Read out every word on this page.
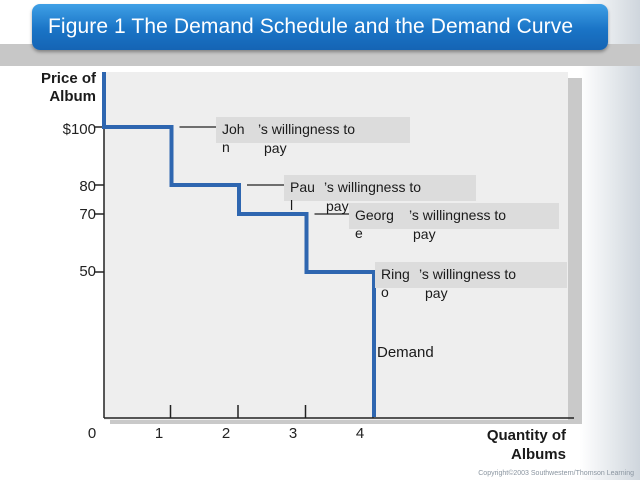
Figure 1 The Demand Schedule and the Demand Curve
Price of
Album
Quantity of
Albums
0	1	2	3	4
$100
80
70
50
Joh
n
’s willingness to
pay
Pau
l
’s willingness to
pay
Georg e
’s willingness to
pay
Ring
o
’s willingness to
pay
Demand
Copyright©2003 Southwestern/Thomson Learning
